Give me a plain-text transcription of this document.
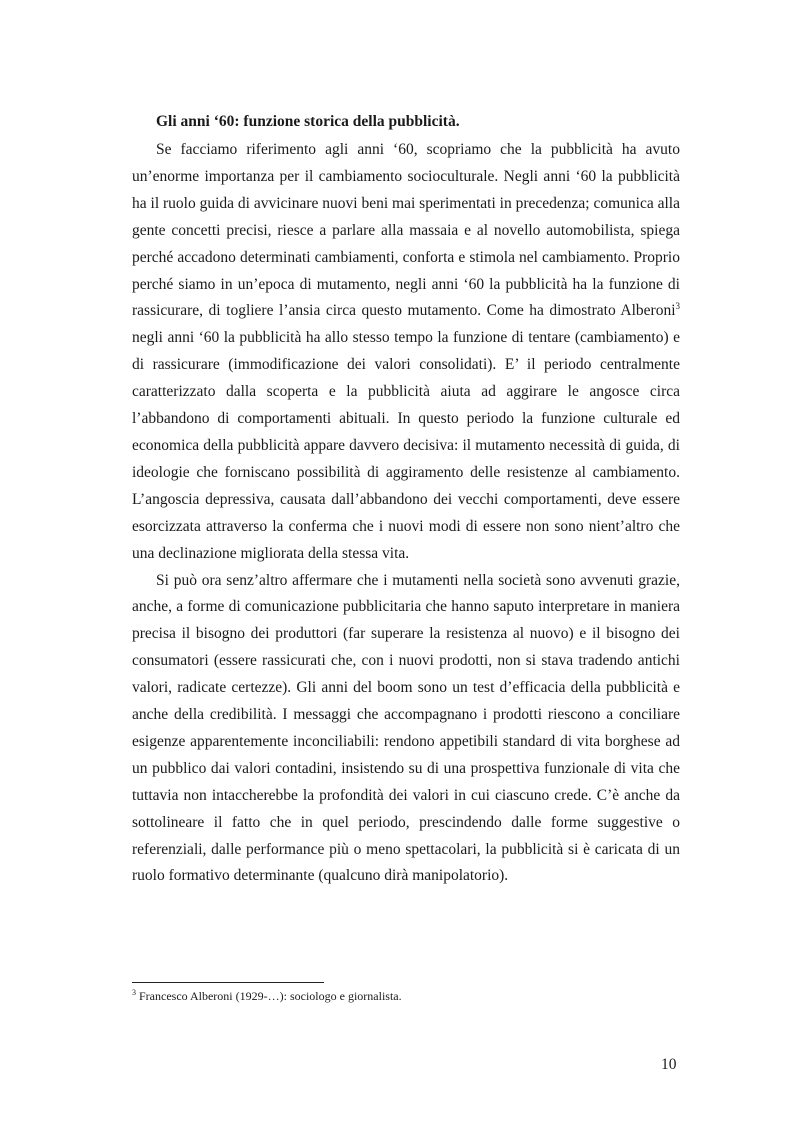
Gli anni ‘60: funzione storica della pubblicità.

Se facciamo riferimento agli anni ‘60, scopriamo che la pubblicità ha avuto un’enorme importanza per il cambiamento socioculturale. Negli anni ‘60 la pubblicità ha il ruolo guida di avvicinare nuovi beni mai sperimentati in precedenza; comunica alla gente concetti precisi, riesce a parlare alla massaia e al novello automobilista, spiega perché accadono determinati cambiamenti, conforta e stimola nel cambiamento. Proprio perché siamo in un’epoca di mutamento, negli anni ‘60 la pubblicità ha la funzione di rassicurare, di togliere l’ansia circa questo mutamento. Come ha dimostrato Alberoni$^3$ negli anni ‘60 la pubblicità ha allo stesso tempo la funzione di tentare (cambiamento) e di rassicurare (immodificazione dei valori consolidati). E’ il periodo centralmente caratterizzato dalla scoperta e la pubblicità aiuta ad aggirare le angosce circa l’abbandono di comportamenti abituali. In questo periodo la funzione culturale ed economica della pubblicità appare davvero decisiva: il mutamento necessità di guida, di ideologie che forniscano possibilità di aggiramento delle resistenze al cambiamento. L’angoscia depressiva, causata dall’abbandono dei vecchi comportamenti, deve essere esorcizzata attraverso la conferma che i nuovi modi di essere non sono nient’altro che una declinazione migliorata della stessa vita.

Si può ora senz’altro affermare che i mutamenti nella società sono avvenuti grazie, anche, a forme di comunicazione pubblicitaria che hanno saputo interpretare in maniera precisa il bisogno dei produttori (far superare la resistenza al nuovo) e il bisogno dei consumatori (essere rassicurati che, con i nuovi prodotti, non si stava tradendo antichi valori, radicate certezze). Gli anni del boom sono un test d’efficacia della pubblicità e anche della credibilità. I messaggi che accompagnano i prodotti riescono a conciliare esigenze apparentemente inconciliabili: rendono appetibili standard di vita borghese ad un pubblico dai valori contadini, insistendo su di una prospettiva funzionale di vita che tuttavia non intaccherebbe la profondità dei valori in cui ciascuno crede. C’è anche da sottolineare il fatto che in quel periodo, prescindendo dalle forme suggestive o referenziali, dalle performance più o meno spettacolari, la pubblicità si è caricata di un ruolo formativo determinante (qualcuno dirà manipolatorio).

$^3$ Francesco Alberoni (1929-…): sociologo e giornalista.

10
